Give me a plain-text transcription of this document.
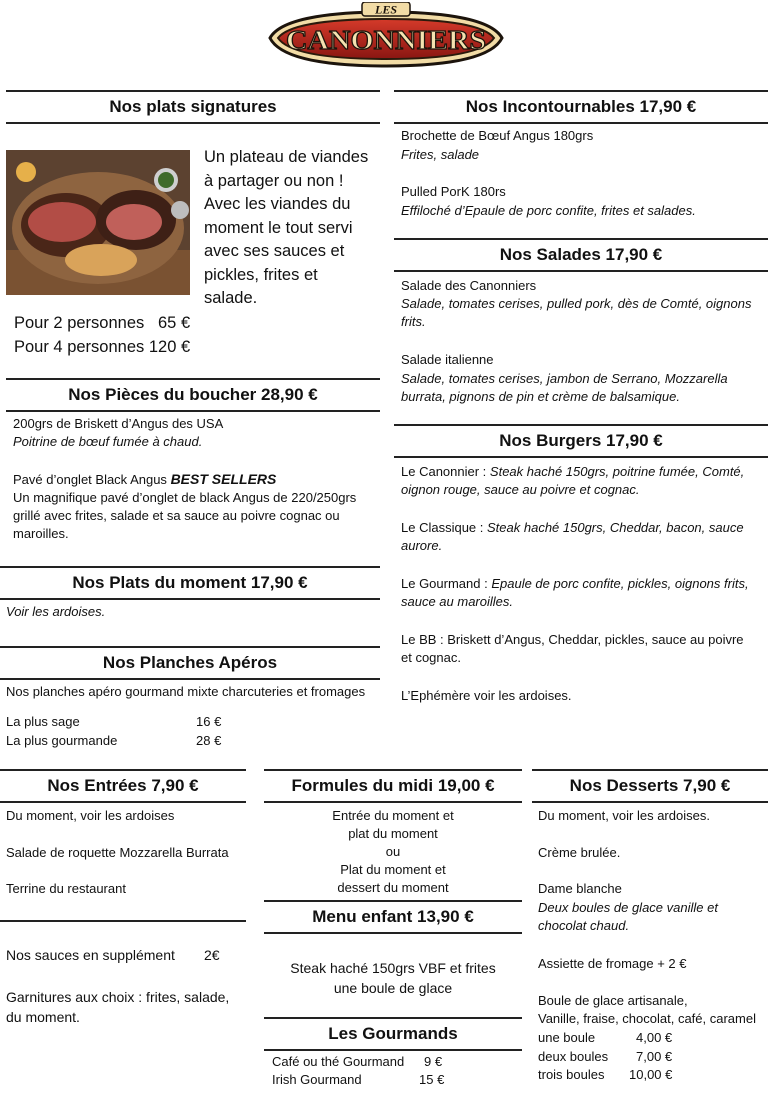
LES
CANONNIERS
Nos plats signatures
Un plateau de viandes
à partager ou non !
Avec les viandes du
moment le tout servi
avec ses sauces et
pickles, frites et
salade.
Pour 2 personnes   65 €
Pour 4 personnes 120 €
Nos Pièces du boucher 28,90 €
200grs de Briskett d’Angus des USA
Poitrine de bœuf fumée à chaud.
Pavé d’onglet Black Angus BEST SELLERS
Un magnifique pavé d’onglet de black Angus de 220/250grs
grillé avec frites, salade et sa sauce au poivre cognac ou
maroilles.
Nos Plats du moment 17,90 €
Voir les ardoises.
Nos Planches Apéros
Nos planches apéro gourmand mixte charcuteries et fromages
La plus sage	16 €
La plus gourmande	28 €
Nos Incontournables 17,90 €
Brochette de Bœuf Angus 180grs
Frites, salade
Pulled PorK 180rs
Effiloché d’Epaule de porc confite, frites et salades.
Nos Salades 17,90 €
Salade des Canonniers
Salade, tomates cerises, pulled pork, dès de Comté, oignons
frits.
Salade italienne
Salade, tomates cerises, jambon de Serrano, Mozzarella
burrata, pignons de pin et crème de balsamique.
Nos Burgers 17,90 €
Le Canonnier : Steak haché 150grs, poitrine fumée, Comté,
oignon rouge, sauce au poivre et cognac.
Le Classique : Steak haché 150grs, Cheddar, bacon, sauce
aurore.
Le Gourmand : Epaule de porc confite, pickles, oignons frits,
sauce au maroilles.
Le BB : Briskett d’Angus, Cheddar, pickles, sauce au poivre
et cognac.
L’Ephémère voir les ardoises.
Nos Entrées 7,90 €
Du moment, voir les ardoises
Salade de roquette Mozzarella Burrata
Terrine du restaurant
Nos sauces en supplément	2€
Garnitures aux choix : frites, salade,
du moment.
Formules du midi 19,00 €
Entrée du moment et
plat du moment
ou
Plat du moment et
dessert du moment
Menu enfant 13,90 €
Steak haché 150grs VBF et frites
une boule de glace
Les Gourmands
Café ou thé Gourmand	9 €
Irish Gourmand	15 €
Nos Desserts 7,90 €
Du moment, voir les ardoises.
Crème brulée.
Dame blanche
Deux boules de glace vanille et
chocolat chaud.
Assiette de fromage + 2 €
Boule de glace artisanale,
Vanille, fraise, chocolat, café, caramel
une boule	4,00 €
deux boules	7,00 €
trois boules	10,00 €
